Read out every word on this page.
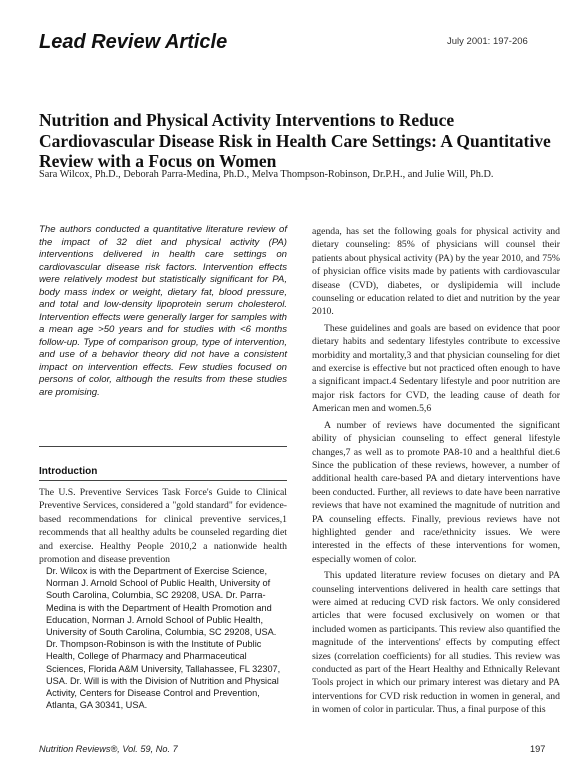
Lead Review Article	July 2001: 197-206
Nutrition and Physical Activity Interventions to Reduce Cardiovascular Disease Risk in Health Care Settings: A Quantitative Review with a Focus on Women
Sara Wilcox, Ph.D., Deborah Parra-Medina, Ph.D., Melva Thompson-Robinson, Dr.P.H., and Julie Will, Ph.D.
The authors conducted a quantitative literature review of the impact of 32 diet and physical activity (PA) interventions delivered in health care settings on cardiovascular disease risk factors. Intervention effects were relatively modest but statistically significant for PA, body mass index or weight, dietary fat, blood pressure, and total and low-density lipoprotein serum cholesterol. Intervention effects were generally larger for samples with a mean age >50 years and for studies with <6 months follow-up. Type of comparison group, type of intervention, and use of a behavior theory did not have a consistent impact on intervention effects. Few studies focused on persons of color, although the results from these studies are promising.
Introduction

The U.S. Preventive Services Task Force's Guide to Clinical Preventive Services, considered a "gold standard" for evidence-based recommendations for clinical preventive services,1 recommends that all healthy adults be counseled regarding diet and exercise. Healthy People 2010,2 a nationwide health promotion and disease prevention

Dr. Wilcox is with the Department of Exercise Science, Norman J. Arnold School of Public Health, University of South Carolina, Columbia, SC 29208, USA. Dr. Parra-Medina is with the Department of Health Promotion and Education, Norman J. Arnold School of Public Health, University of South Carolina, Columbia, SC 29208, USA. Dr. Thompson-Robinson is with the Institute of Public Health, College of Pharmacy and Pharmaceutical Sciences, Florida A&M University, Tallahassee, FL 32307, USA. Dr. Will is with the Division of Nutrition and Physical Activity, Centers for Disease Control and Prevention, Atlanta, GA 30341, USA.

agenda, has set the following goals for physical activity and dietary counseling: 85% of physicians will counsel their patients about physical activity (PA) by the year 2010, and 75% of physician office visits made by patients with cardiovascular disease (CVD), diabetes, or dyslipidemia will include counseling or education related to diet and nutrition by the year 2010.

These guidelines and goals are based on evidence that poor dietary habits and sedentary lifestyles contribute to excessive morbidity and mortality,3 and that physician counseling for diet and exercise is effective but not practiced often enough to have a significant impact.4 Sedentary lifestyle and poor nutrition are major risk factors for CVD, the leading cause of death for American men and women.5,6

A number of reviews have documented the significant ability of physician counseling to effect general lifestyle changes,7 as well as to promote PA8-10 and a healthful diet.6 Since the publication of these reviews, however, a number of additional health care-based PA and dietary interventions have been conducted. Further, all reviews to date have been narrative reviews that have not examined the magnitude of nutrition and PA counseling effects. Finally, previous reviews have not highlighted gender and race/ethnicity issues. We were interested in the effects of these interventions for women, especially women of color.

This updated literature review focuses on dietary and PA counseling interventions delivered in health care settings that were aimed at reducing CVD risk factors. We only considered articles that were focused exclusively on women or that included women as participants. This review also quantified the magnitude of the interventions' effects by computing effect sizes (correlation coefficients) for all studies. This review was conducted as part of the Heart Healthy and Ethnically Relevant Tools project in which our primary interest was dietary and PA interventions for CVD risk reduction in women in general, and in women of color in particular. Thus, a final purpose of this

Nutrition Reviews®, Vol. 59, No. 7	197
